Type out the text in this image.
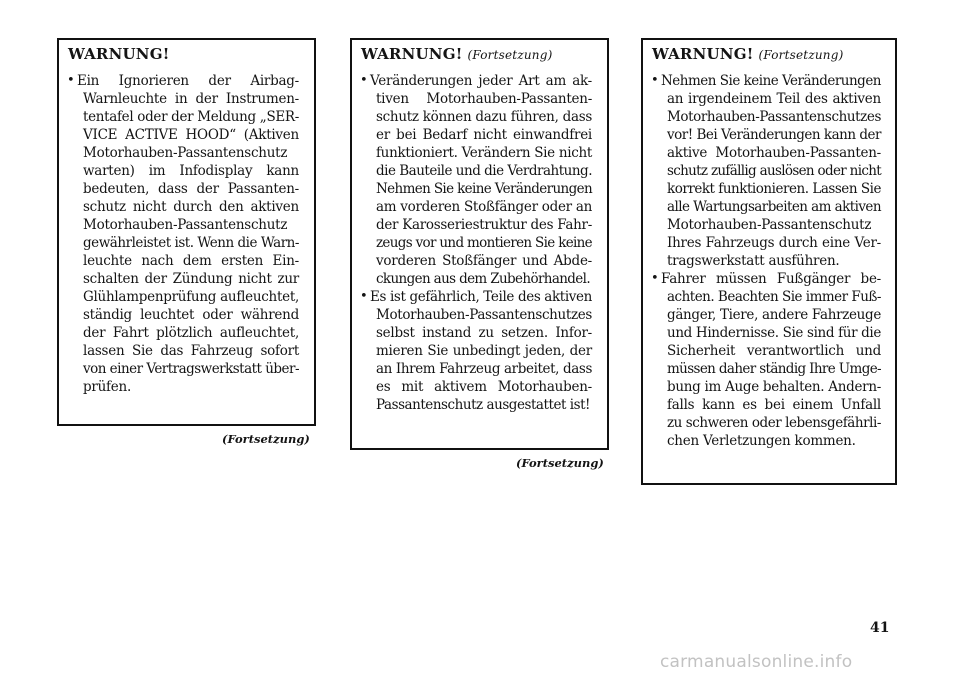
WARNUNG!
• Ein Ignorieren der Airbag-
Warnleuchte in der Instrumen-
tentafel oder der Meldung „SER-
VICE ACTIVE HOOD“ (Aktiven
Motorhauben-Passantenschutz
warten) im Infodisplay kann
bedeuten, dass der Passanten-
schutz nicht durch den aktiven
Motorhauben-Passantenschutz
gewährleistet ist. Wenn die Warn-
leuchte nach dem ersten Ein-
schalten der Zündung nicht zur
Glühlampenprüfung aufleuchtet,
ständig leuchtet oder während
der Fahrt plötzlich aufleuchtet,
lassen Sie das Fahrzeug sofort
von einer Vertragswerkstatt über-
prüfen.
(Fortsetzung)
WARNUNG! (Fortsetzung)
• Veränderungen jeder Art am ak-
tiven Motorhauben-Passanten-
schutz können dazu führen, dass
er bei Bedarf nicht einwandfrei
funktioniert. Verändern Sie nicht
die Bauteile und die Verdrahtung.
Nehmen Sie keine Veränderungen
am vorderen Stoßfänger oder an
der Karosseriestruktur des Fahr-
zeugs vor und montieren Sie keine
vorderen Stoßfänger und Abde-
ckungen aus dem Zubehörhandel.
• Es ist gefährlich, Teile des aktiven
Motorhauben-Passantenschutzes
selbst instand zu setzen. Infor-
mieren Sie unbedingt jeden, der
an Ihrem Fahrzeug arbeitet, dass
es mit aktivem Motorhauben-
Passantenschutz ausgestattet ist!
(Fortsetzung)
WARNUNG! (Fortsetzung)
• Nehmen Sie keine Veränderungen
an irgendeinem Teil des aktiven
Motorhauben-Passantenschutzes
vor! Bei Veränderungen kann der
aktive Motorhauben-Passanten-
schutz zufällig auslösen oder nicht
korrekt funktionieren. Lassen Sie
alle Wartungsarbeiten am aktiven
Motorhauben-Passantenschutz
Ihres Fahrzeugs durch eine Ver-
tragswerkstatt ausführen.
• Fahrer müssen Fußgänger be-
achten. Beachten Sie immer Fuß-
gänger, Tiere, andere Fahrzeuge
und Hindernisse. Sie sind für die
Sicherheit verantwortlich und
müssen daher ständig Ihre Umge-
bung im Auge behalten. Andern-
falls kann es bei einem Unfall
zu schweren oder lebensgefährli-
chen Verletzungen kommen.
41
carmanualsonline.info
